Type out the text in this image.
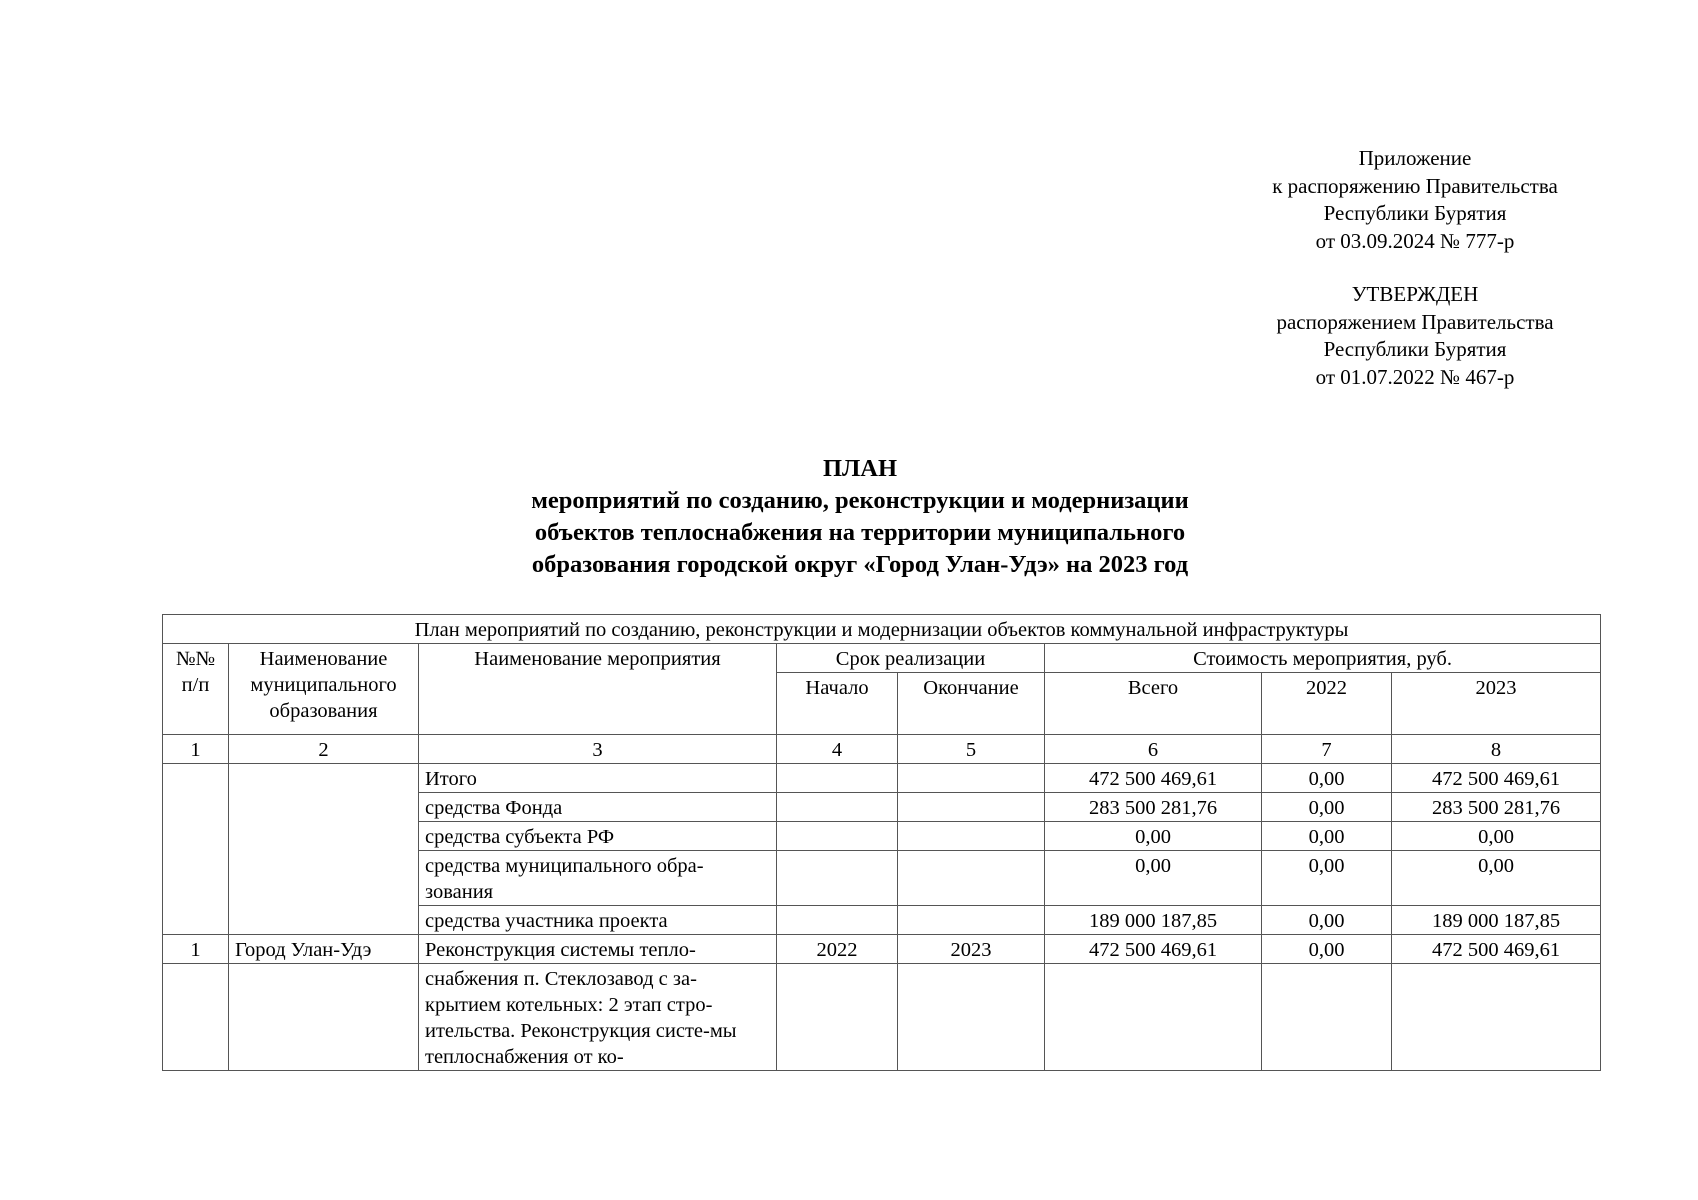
Приложение
к распоряжению Правительства
Республики Бурятия
от 03.09.2024 № 777-р
УТВЕРЖДЕН
распоряжением Правительства
Республики Бурятия
от 01.07.2022 № 467-р
ПЛАН
мероприятий по созданию, реконструкции и модернизации
объектов теплоснабжения на территории муниципального
образования городской округ «Город Улан-Удэ» на 2023 год
План мероприятий по созданию, реконструкции и модернизации объектов коммунальной инфраструктуры							
№№ п/п	Наименование муниципального образования	Наименование мероприятия	Срок реализации		Стоимость мероприятия, руб.		
			Начало	Окончание	Всего	2022	2023
1	2	3	4	5	6	7	8
		Итого			472 500 469,61	0,00	472 500 469,61
		средства Фонда			283 500 281,76	0,00	283 500 281,76
		средства субъекта РФ			0,00	0,00	0,00
		средства муниципального обра-зования			0,00	0,00	0,00
		средства участника проекта			189 000 187,85	0,00	189 000 187,85
1	Город Улан-Удэ	Реконструкция системы тепло-	2022	2023	472 500 469,61	0,00	472 500 469,61
		снабжения п. Стеклозавод с за-крытием котельных: 2 этап стро-ительства. Реконструкция систе-мы теплоснабжения от ко-					
